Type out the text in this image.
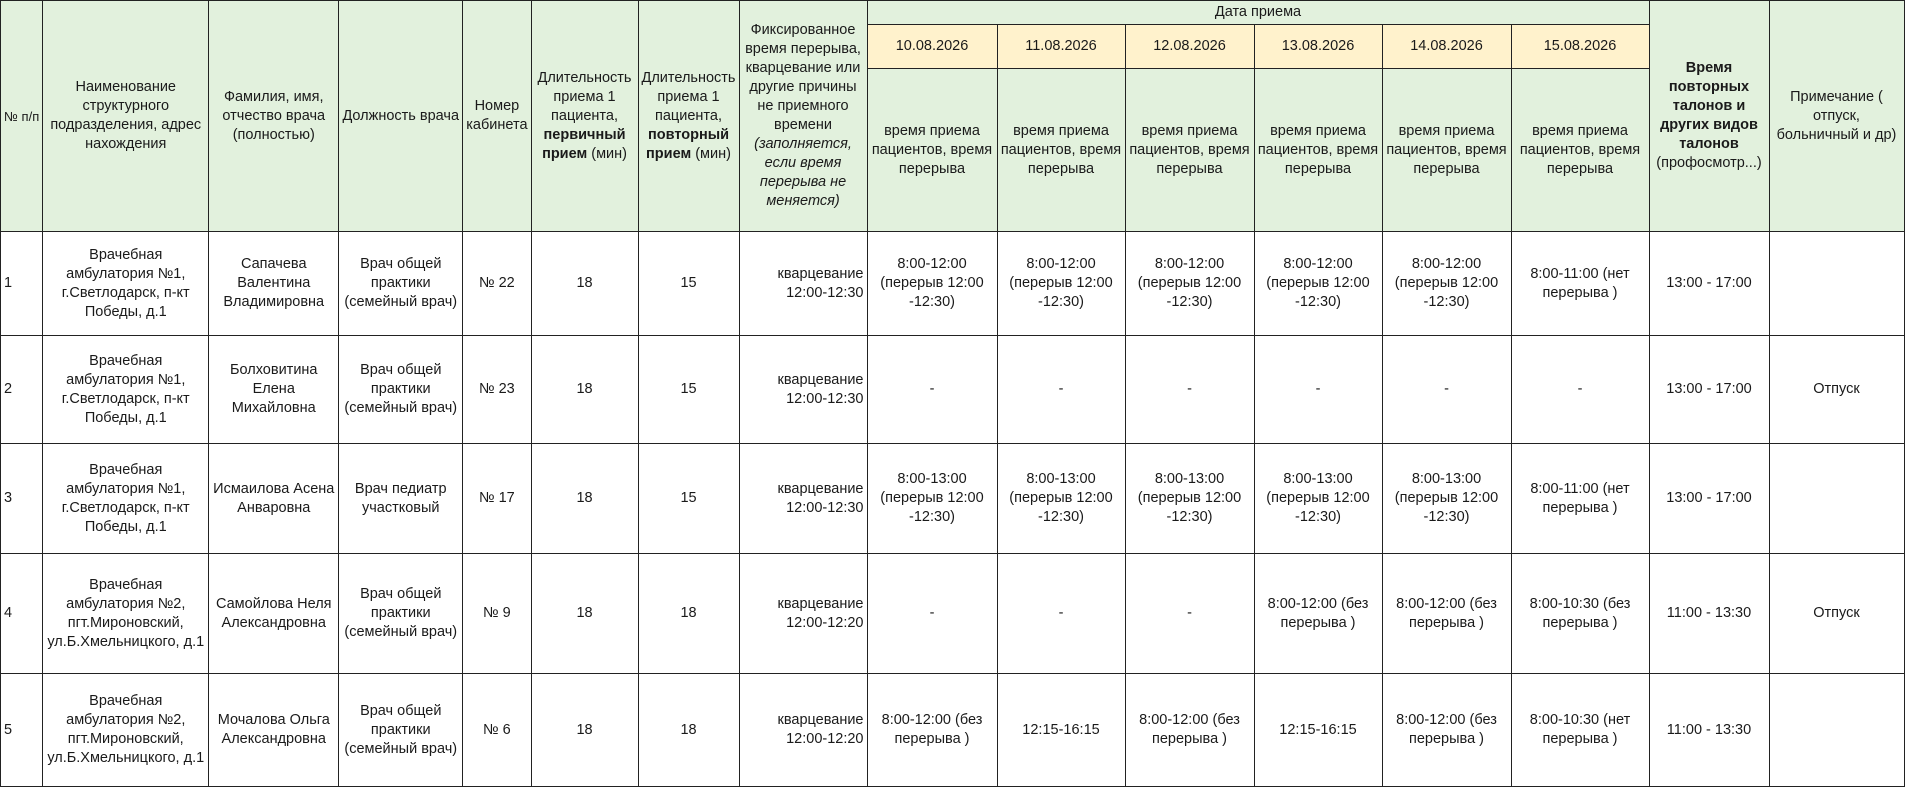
№ п/п	Наименование структурного подразделения, адрес нахождения	Фамилия, имя, отчество врача (полностью)	Должность врача	Номер кабинета	Длительность приема 1 пациента, первичный прием (мин)	Длительность приема 1 пациента, повторный прием (мин)	Фиксированное время перерыва, кварцевание или другие причины не приемного времени (заполняется, если время перерыва не меняется)	Дата приема						Время повторных талонов и других видов талонов (профосмотр...)	Примечание ( отпуск, больничный и др)
								10.08.2026	11.08.2026	12.08.2026	13.08.2026	14.08.2026	15.08.2026		
								время приема пациентов, время перерыва	время приема пациентов, время перерыва	время приема пациентов, время перерыва	время приема пациентов, время перерыва	время приема пациентов, время перерыва	время приема пациентов, время перерыва		
1	Врачебная амбулатория №1, г.Светлодарск, п-кт Победы, д.1	Сапачева Валентина Владимировна	Врач общей практики (семейный врач)	№ 22	18	15	кварцевание 12:00-12:30	8:00-12:00 (перерыв 12:00 -12:30)	8:00-12:00 (перерыв 12:00 -12:30)	8:00-12:00 (перерыв 12:00 -12:30)	8:00-12:00 (перерыв 12:00 -12:30)	8:00-12:00 (перерыв 12:00 -12:30)	8:00-11:00 (нет перерыва )	13:00 - 17:00	
2	Врачебная амбулатория №1, г.Светлодарск, п-кт Победы, д.1	Болховитина Елена Михайловна	Врач общей практики (семейный врач)	№ 23	18	15	кварцевание 12:00-12:30	-	-	-	-	-	-	13:00 - 17:00	Отпуск
3	Врачебная амбулатория №1, г.Светлодарск, п-кт Победы, д.1	Исмаилова Асена Анваровна	Врач педиатр участковый	№ 17	18	15	кварцевание 12:00-12:30	8:00-13:00 (перерыв 12:00 -12:30)	8:00-13:00 (перерыв 12:00 -12:30)	8:00-13:00 (перерыв 12:00 -12:30)	8:00-13:00 (перерыв 12:00 -12:30)	8:00-13:00 (перерыв 12:00 -12:30)	8:00-11:00 (нет перерыва )	13:00 - 17:00	
4	Врачебная амбулатория №2, пгт.Мироновский, ул.Б.Хмельницкого, д.1	Самойлова Неля Александровна	Врач общей практики (семейный врач)	№ 9	18	18	кварцевание 12:00-12:20	-	-	-	8:00-12:00 (без перерыва )	8:00-12:00 (без перерыва )	8:00-10:30 (без перерыва )	11:00 - 13:30	Отпуск
5	Врачебная амбулатория №2, пгт.Мироновский, ул.Б.Хмельницкого, д.1	Мочалова Ольга Александровна	Врач общей практики (семейный врач)	№ 6	18	18	кварцевание 12:00-12:20	8:00-12:00 (без перерыва )	12:15-16:15	8:00-12:00 (без перерыва )	12:15-16:15	8:00-12:00 (без перерыва )	8:00-10:30 (нет перерыва )	11:00 - 13:30	
